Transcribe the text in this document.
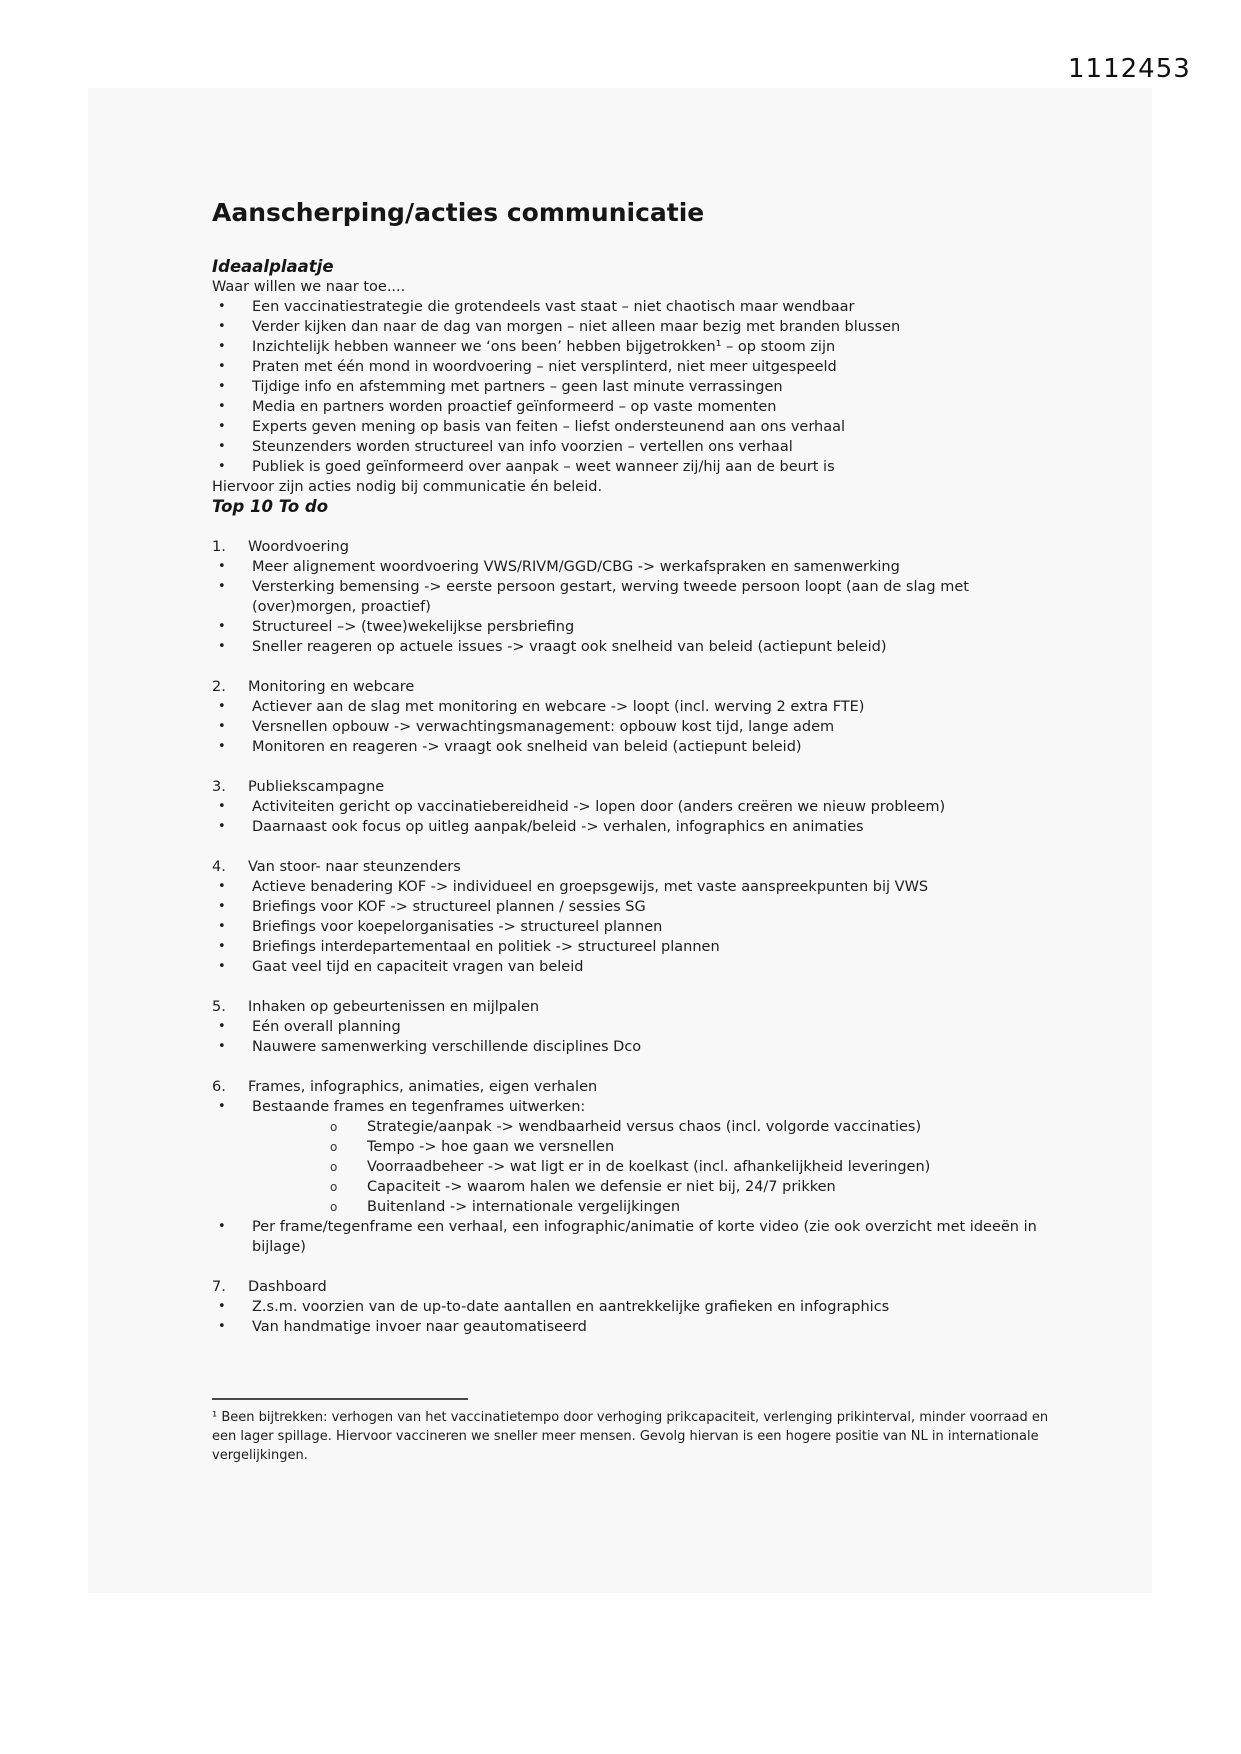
1112453
Aanscherping/acties communicatie
Ideaalplaatje

Waar willen we naar toe....

•	Een vaccinatiestrategie die grotendeels vast staat – niet chaotisch maar wendbaar
•	Verder kijken dan naar de dag van morgen – niet alleen maar bezig met branden blussen
•	Inzichtelijk hebben wanneer we ‘ons been’ hebben bijgetrokken¹ – op stoom zijn
•	Praten met één mond in woordvoering – niet versplinterd, niet meer uitgespeeld
•	Tijdige info en afstemming met partners – geen last minute verrassingen
•	Media en partners worden proactief geïnformeerd – op vaste momenten
•	Experts geven mening op basis van feiten – liefst ondersteunend aan ons verhaal
•	Steunzenders worden structureel van info voorzien – vertellen ons verhaal
•	Publiek is goed geïnformeerd over aanpak – weet wanneer zij/hij aan de beurt is

Hiervoor zijn acties nodig bij communicatie én beleid.

Top 10 To do
1.	Woordvoering
•	Meer alignement woordvoering VWS/RIVM/GGD/CBG -> werkafspraken en samenwerking
•	Versterking bemensing -> eerste persoon gestart, werving tweede persoon loopt (aan de slag met (over)morgen, proactief)
•	Structureel –> (twee)wekelijkse persbriefing
•	Sneller reageren op actuele issues -> vraagt ook snelheid van beleid (actiepunt beleid)
2.	Monitoring en webcare
•	Actiever aan de slag met monitoring en webcare -> loopt (incl. werving 2 extra FTE)
•	Versnellen opbouw -> verwachtingsmanagement: opbouw kost tijd, lange adem
•	Monitoren en reageren -> vraagt ook snelheid van beleid (actiepunt beleid)
3.	Publiekscampagne
•	Activiteiten gericht op vaccinatiebereidheid -> lopen door (anders creëren we nieuw probleem)
•	Daarnaast ook focus op uitleg aanpak/beleid -> verhalen, infographics en animaties
4.	Van stoor- naar steunzenders
•	Actieve benadering KOF -> individueel en groepsgewijs, met vaste aanspreekpunten bij VWS
•	Briefings voor KOF -> structureel plannen / sessies SG
•	Briefings voor koepelorganisaties -> structureel plannen
•	Briefings interdepartementaal en politiek -> structureel plannen
•	Gaat veel tijd en capaciteit vragen van beleid
5.	Inhaken op gebeurtenissen en mijlpalen
•	Eén overall planning
•	Nauwere samenwerking verschillende disciplines Dco
6.	Frames, infographics, animaties, eigen verhalen
•	Bestaande frames en tegenframes uitwerken:
o	Strategie/aanpak -> wendbaarheid versus chaos (incl. volgorde vaccinaties)
o	Tempo -> hoe gaan we versnellen
o	Voorraadbeheer -> wat ligt er in de koelkast (incl. afhankelijkheid leveringen)
o	Capaciteit -> waarom halen we defensie er niet bij, 24/7 prikken
o	Buitenland -> internationale vergelijkingen
•	Per frame/tegenframe een verhaal, een infographic/animatie of korte video (zie ook overzicht met ideeën in bijlage)
7.	Dashboard
•	Z.s.m. voorzien van de up-to-date aantallen en aantrekkelijke grafieken en infographics
•	Van handmatige invoer naar geautomatiseerd

¹ Been bijtrekken: verhogen van het vaccinatietempo door verhoging prikcapaciteit, verlenging prikinterval, minder voorraad en een lager spillage. Hiervoor vaccineren we sneller meer mensen. Gevolg hiervan is een hogere positie van NL in internationale vergelijkingen.
